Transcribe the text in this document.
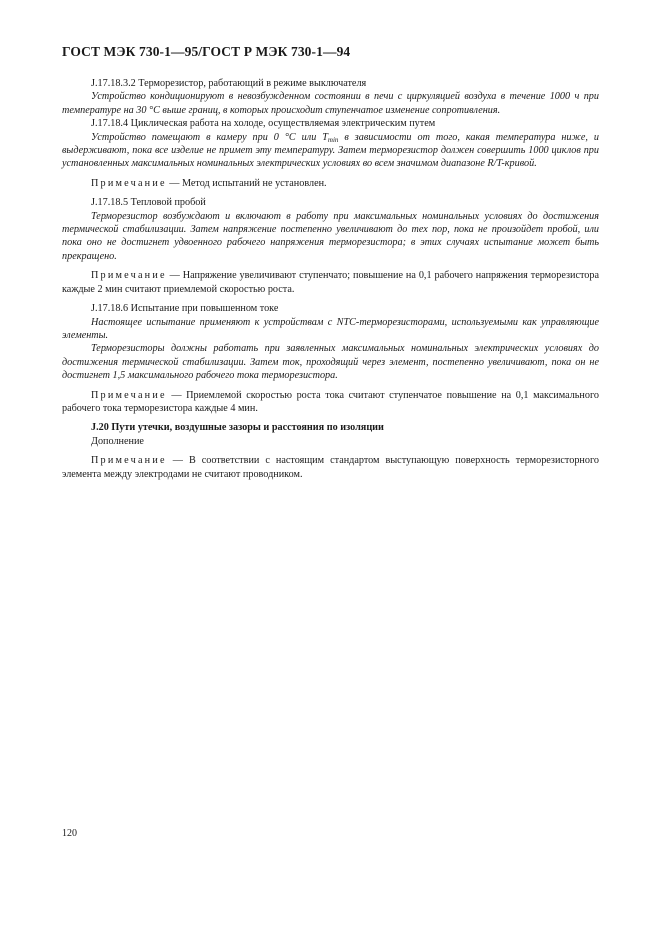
ГОСТ МЭК 730-1—95/ГОСТ Р МЭК 730-1—94

J.17.18.3.2 Терморезистор, работающий в режиме выключателя

Устройство кондиционируют в невозбужденном состоянии в печи с циркуляцией воздуха в течение 1000 ч при температуре на 30 °С выше границ, в которых происходит ступенчатое изменение сопротивления.

J.17.18.4 Циклическая работа на холоде, осуществляемая электрическим путем

Устройство помещают в камеру при 0 °С или $T_{min}$ в зависимости от того, какая температура ниже, и выдерживают, пока все изделие не примет эту температуру. Затем терморезистор должен совершить 1000 циклов при установленных максимальных номинальных электрических условиях во всем значимом диапазоне R/T-кривой.

Примечание — Метод испытаний не установлен.

J.17.18.5 Тепловой пробой

Терморезистор возбуждают и включают в работу при максимальных номинальных условиях до достижения термической стабилизации. Затем напряжение постепенно увеличивают до тех пор, пока не произойдет пробой, или пока оно не достигнет удвоенного рабочего напряжения терморезистора; в этих случаях испытание может быть прекращено.

Примечание — Напряжение увеличивают ступенчато; повышение на 0,1 рабочего напряжения терморезистора каждые 2 мин считают приемлемой скоростью роста.

J.17.18.6 Испытание при повышенном токе

Настоящее испытание применяют к устройствам с NTC-терморезисторами, используемыми как управляющие элементы.

Терморезисторы должны работать при заявленных максимальных номинальных электрических условиях до достижения термической стабилизации. Затем ток, проходящий через элемент, постепенно увеличивают, пока он не достигнет 1,5 максимального рабочего тока терморезистора.

Примечание — Приемлемой скоростью роста тока считают ступенчатое повышение на 0,1 максимального рабочего тока терморезистора каждые 4 мин.

J.20 Пути утечки, воздушные зазоры и расстояния по изоляции

Дополнение

Примечание — В соответствии с настоящим стандартом выступающую поверхность терморезисторного элемента между электродами не считают проводником.

120
